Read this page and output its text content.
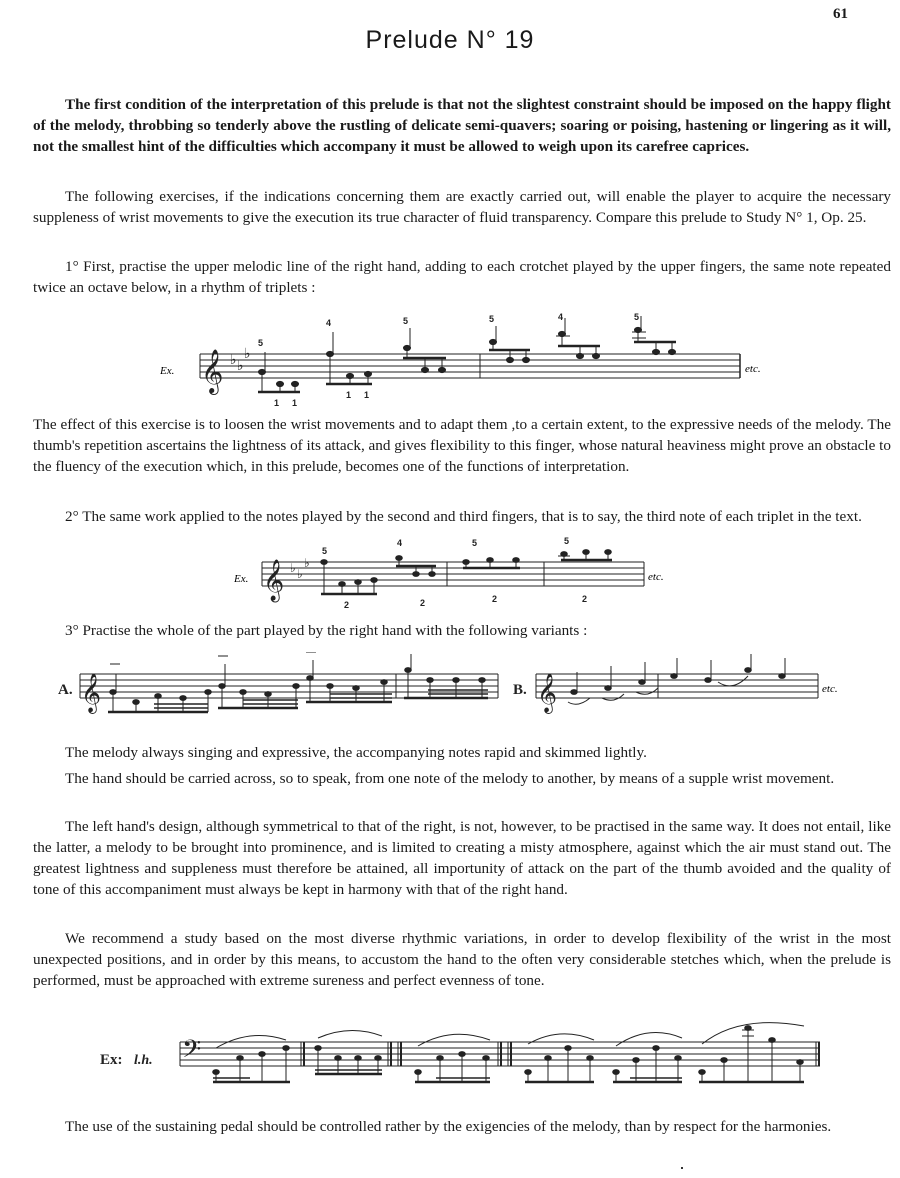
61
Prelude N° 19
The first condition of the interpretation of this prelude is that not the slightest constraint should be imposed on the happy flight of the melody, throbbing so tenderly above the rustling of delicate semi-quavers; soaring or poising, hastening or lingering as it will, not the smallest hint of the difficulties which accompany it must be allowed to weigh upon its carefree caprices.
The following exercises, if the indications concerning them are exactly carried out, will enable the player to acquire the necessary suppleness of wrist movements to give the execution its true character of fluid transparency. Compare this prelude to Study N° 1, Op. 25.
1° First, practise the upper melodic line of the right hand, adding to each crotchet played by the upper fingers, the same note repeated twice an octave below, in a rhythm of triplets :
Ex. 𝄞 ♭ ♭
♭
5
4	5	5	4	5
1 1
1 1
etc.
The effect of this exercise is to loosen the wrist movements and to adapt them ,to a certain extent, to the expressive needs of the melody. The thumb's repetition ascertains the lightness of its attack, and gives flexibility to this finger, whose natural heaviness might prove an obstacle to the fluency of the execution which, in this prelude, becomes one of the functions of interpretation.
2° The same work applied to the notes played by the second and third fingers, that is to say, the third note of each triplet in the text.
Ex. 𝄞 ♭ ♭
♭
5
4	5	5
2	2	2	2
etc.
3° Practise the whole of the part played by the right hand with the following variants :
A. 𝄞	B. 𝄞	etc.
The melody always singing and expressive, the accompanying notes rapid and skimmed lightly.
The hand should be carried across, so to speak, from one note of the melody to another, by means of a supple wrist movement.
The left hand's design, although symmetrical to that of the right, is not, however, to be practised in the same way. It does not entail, like the latter, a melody to be brought into prominence, and is limited to creating a misty atmosphere, against which the air must stand out. The greatest lightness and suppleness must therefore be attained, all importunity of attack on the part of the thumb avoided and the quality of tone of this accompaniment must always be kept in harmony with that of the right hand.
We recommend a study based on the most diverse rhythmic variations, in order to develop flexibility of the wrist in the most unexpected positions, and in order by this means, to accustom the hand to the often very considerable stetches which, when the prelude is performed, must be approached with extreme sureness and perfect evenness of tone.
Ex: l.h. 𝄢
The use of the sustaining pedal should be controlled rather by the exigencies of the melody, than by respect for the harmonies.
